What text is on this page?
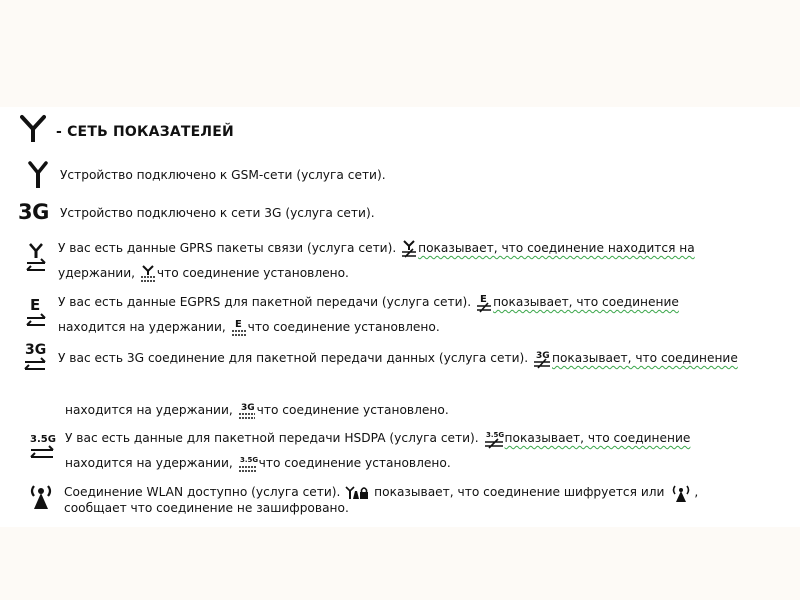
- СЕТЬ ПОКАЗАТЕЛЕЙ
Устройство подключено к GSM-сети (услуга сети).
3G Устройство подключено к сети 3G (услуга сети).
У вас есть данные GPRS пакеты связи (услуга сети). показывает, что соединение находится на
удержании, что соединение установлено.
E У вас есть данные EGPRS для пакетной передачи (услуга сети). E показывает, что соединение
находится на удержании, E что соединение установлено.
3G У вас есть 3G соединение для пакетной передачи данных (услуга сети). 3G показывает, что соединение
находится на удержании, 3G что соединение установлено.
3.5G У вас есть данные для пакетной передачи HSDPA (услуга сети). 3.5G показывает, что соединение
находится на удержании, 3.5G что соединение установлено.
Соединение WLAN доступно (услуга сети).	показывает, что соединение шифруется или ,
сообщает что соединение не зашифровано.
